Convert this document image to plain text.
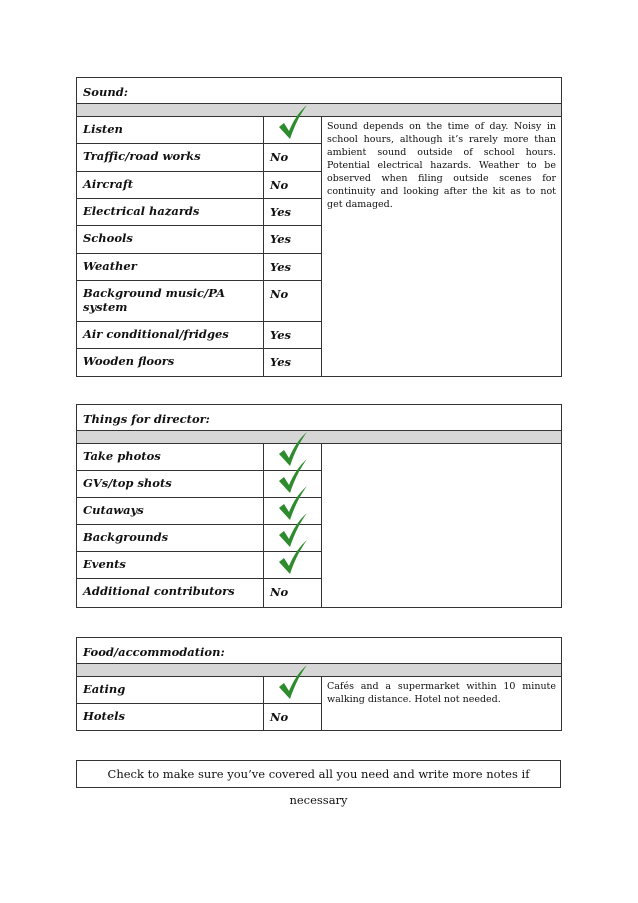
Sound:		

Listen		Sound depends on the time of day. Noisy in school hours, although it’s rarely more than ambient sound outside of school hours. Potential electrical hazards. Weather to be observed when filing outside scenes for continuity and looking after the kit as to not get damaged.
Traffic/road works	No	
Aircraft	No	
Electrical hazards	Yes	
Schools	Yes	
Weather	Yes	
Background music/PA system	No	
Air conditional/fridges	Yes	
Wooden floors	Yes	
Things for director:		

Take photos	

GVs/top shots	

Cutaways	

Backgrounds	

Events	

Additional contributors	No	
Food/accommodation:		

Eating		Cafés and a supermarket within 10 minute walking distance. Hotel not needed.
Hotels	No	
Check to make sure you’ve covered all you need and write more notes if necessary
